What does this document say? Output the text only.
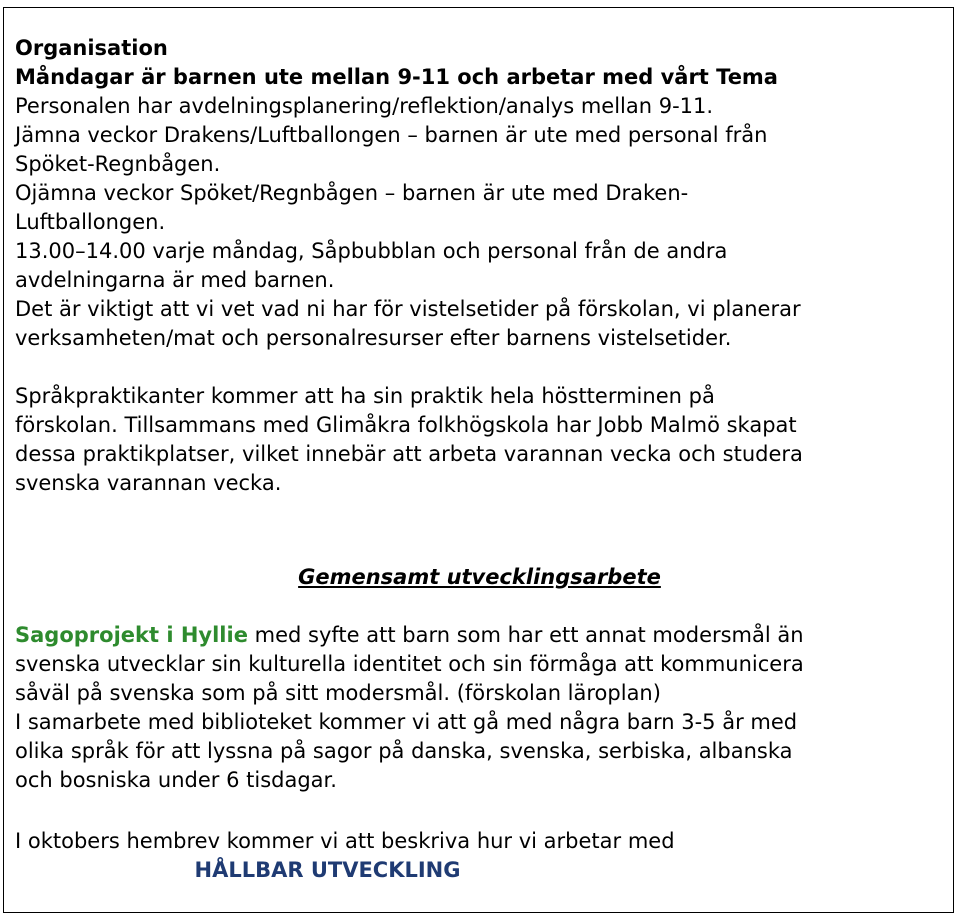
Organisation
Måndagar är barnen ute mellan 9-11 och arbetar med vårt Tema
Personalen har avdelningsplanering/reflektion/analys mellan 9-11.
Jämna veckor Drakens/Luftballongen – barnen är ute med personal från
Spöket-Regnbågen.
Ojämna veckor Spöket/Regnbågen – barnen är ute med Draken-
Luftballongen.
13.00–14.00 varje måndag, Såpbubblan och personal från de andra
avdelningarna är med barnen.
Det är viktigt att vi vet vad ni har för vistelsetider på förskolan, vi planerar
verksamheten/mat och personalresurser efter barnens vistelsetider.
Språkpraktikanter kommer att ha sin praktik hela höstterminen på
förskolan. Tillsammans med Glimåkra folkhögskola har Jobb Malmö skapat
dessa praktikplatser, vilket innebär att arbeta varannan vecka och studera
svenska varannan vecka.
Gemensamt utvecklingsarbete
Sagoprojekt i Hyllie med syfte att barn som har ett annat modersmål än
svenska utvecklar sin kulturella identitet och sin förmåga att kommunicera
såväl på svenska som på sitt modersmål. (förskolan läroplan)
I samarbete med biblioteket kommer vi att gå med några barn 3-5 år med
olika språk för att lyssna på sagor på danska, svenska, serbiska, albanska
och bosniska under 6 tisdagar.
I oktobers hembrev kommer vi att beskriva hur vi arbetar med
HÅLLBAR UTVECKLING
